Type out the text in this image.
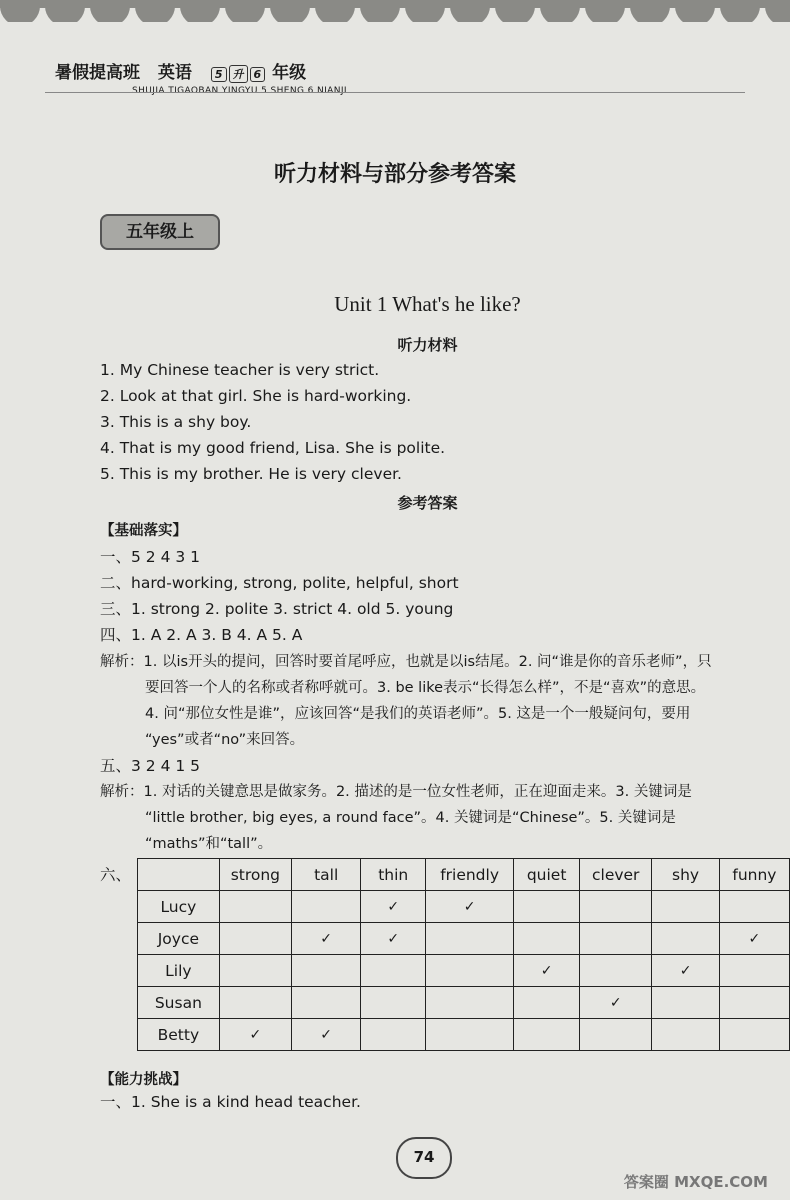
暑假提高班 英语 5 升 6 年级
SHUJIA TIGAOBAN YINGYU 5 SHENG 6 NIANJI
听力材料与部分参考答案
五年级上
Unit 1 What's he like?
听力材料
1. My Chinese teacher is very strict.
2. Look at that girl. She is hard-working.
3. This is a shy boy.
4. That is my good friend, Lisa. She is polite.
5. This is my brother. He is very clever.
参考答案
【基础落实】
一、5 2 4 3 1
二、hard-working, strong, polite, helpful, short
三、1. strong 2. polite 3. strict 4. old 5. young
四、1. A 2. A 3. B 4. A 5. A
解析：1. 以is开头的提问，回答时要首尾呼应，也就是以is结尾。2. 问“谁是你的音乐老师”，只
要回答一个人的名称或者称呼就可。3. be like表示“长得怎么样”，不是“喜欢”的意思。
4. 问“那位女性是谁”，应该回答“是我们的英语老师”。5. 这是一个一般疑问句，要用
“yes”或者“no”来回答。
五、3 2 4 1 5
解析：1. 对话的关键意思是做家务。2. 描述的是一位女性老师，正在迎面走来。3. 关键词是
“little brother, big eyes, a round face”。4. 关键词是“Chinese”。5. 关键词是
“maths”和“tall”。
六、
		strong	tall	thin	friendly	quiet	clever	shy	funny
Lucy			✓	✓				
Joyce		✓	✓					✓
Lily					✓		✓	
Susan						✓		
Betty	✓	✓						
【能力挑战】
一、1. She is a kind head teacher.
74
答案圈 MXQE.COM
